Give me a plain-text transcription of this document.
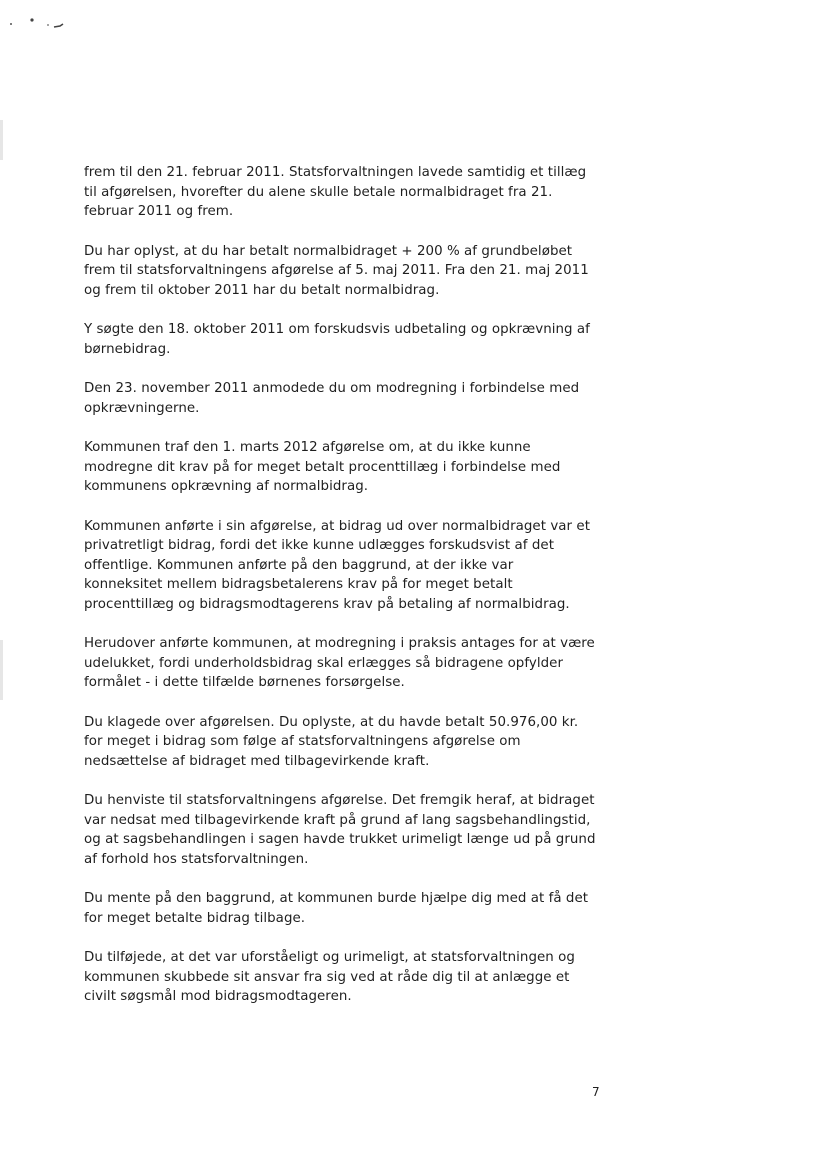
frem til den 21. februar 2011. Statsforvaltningen lavede samtidig et tillæg
til afgørelsen, hvorefter du alene skulle betale normalbidraget fra 21.
februar 2011 og frem.

Du har oplyst, at du har betalt normalbidraget + 200 % af grundbeløbet
frem til statsforvaltningens afgørelse af 5. maj 2011. Fra den 21. maj 2011
og frem til oktober 2011 har du betalt normalbidrag.

Y søgte den 18. oktober 2011 om forskudsvis udbetaling og opkrævning af
børnebidrag.

Den 23. november 2011 anmodede du om modregning i forbindelse med
opkrævningerne.

Kommunen traf den 1. marts 2012 afgørelse om, at du ikke kunne
modregne dit krav på for meget betalt procenttillæg i forbindelse med
kommunens opkrævning af normalbidrag.

Kommunen anførte i sin afgørelse, at bidrag ud over normalbidraget var et
privatretligt bidrag, fordi det ikke kunne udlægges forskudsvist af det
offentlige. Kommunen anførte på den baggrund, at der ikke var
konneksitet mellem bidragsbetalerens krav på for meget betalt
procenttillæg og bidragsmodtagerens krav på betaling af normalbidrag.

Herudover anførte kommunen, at modregning i praksis antages for at være
udelukket, fordi underholdsbidrag skal erlægges så bidragene opfylder
formålet - i dette tilfælde børnenes forsørgelse.

Du klagede over afgørelsen. Du oplyste, at du havde betalt 50.976,00 kr.
for meget i bidrag som følge af statsforvaltningens afgørelse om
nedsættelse af bidraget med tilbagevirkende kraft.

Du henviste til statsforvaltningens afgørelse. Det fremgik heraf, at bidraget
var nedsat med tilbagevirkende kraft på grund af lang sagsbehandlingstid,
og at sagsbehandlingen i sagen havde trukket urimeligt længe ud på grund
af forhold hos statsforvaltningen.

Du mente på den baggrund, at kommunen burde hjælpe dig med at få det
for meget betalte bidrag tilbage.

Du tilføjede, at det var uforståeligt og urimeligt, at statsforvaltningen og
kommunen skubbede sit ansvar fra sig ved at råde dig til at anlægge et
civilt søgsmål mod bidragsmodtageren.

7
